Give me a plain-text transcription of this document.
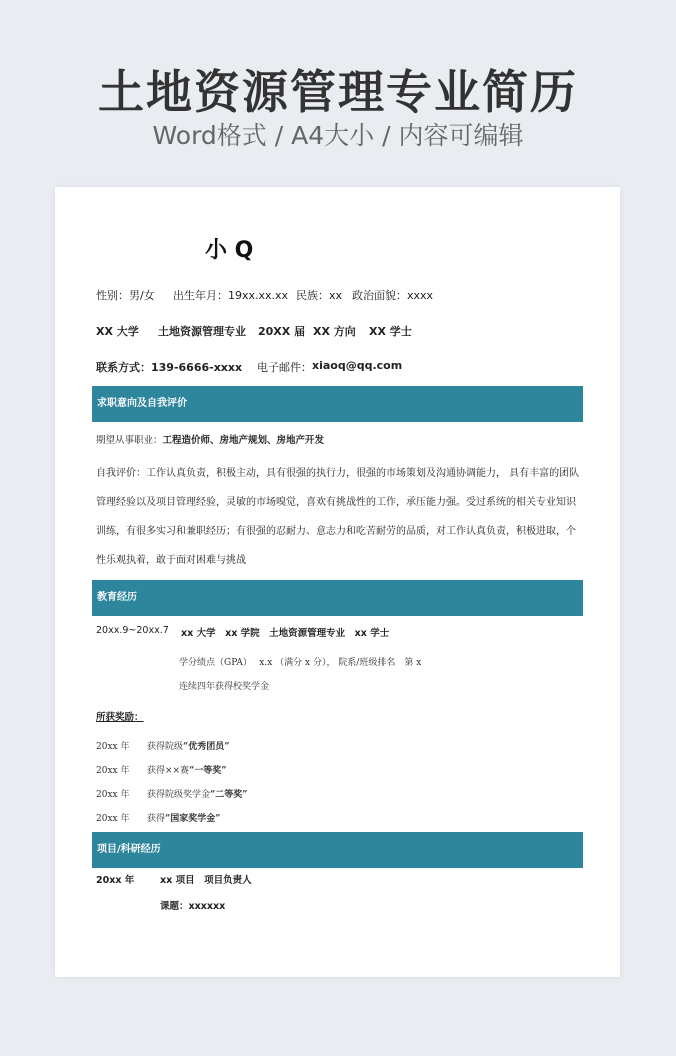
土地资源管理专业简历
Word格式 / A4大小 / 内容可编辑
小 Q
性别：男/女 出生年月：19xx.xx.xx 民族：xx 政治面貌：xxxx
XX 大学 土地资源管理专业 20XX 届 XX 方向 XX 学士
联系方式：139-6666-xxxx 电子邮件： xiaoq@qq.com
求职意向及自我评价
期望从事职业：工程造价师、房地产规划、房地产开发
自我评价：工作认真负责，积极主动，具有很强的执行力，很强的市场策划及沟通协调能力， 具有丰富的团队管理经验以及项目管理经验，灵敏的市场嗅觉，喜欢有挑战性的工作，承压能力强。受过系统的相关专业知识训练，有很多实习和兼职经历；有很强的忍耐力、意志力和吃苦耐劳的品质，对工作认真负责，积极进取，个性乐观执着，敢于面对困难与挑战
教育经历
20xx.9~20xx.7 xx 大学　xx 学院　土地资源管理专业　xx 学士
学分绩点（GPA）　 x.x （满分 x 分）， 院系/班级排名　第 x
连续四年获得校奖学金
所获奖励：
20xx 年 获得院级“优秀团员”
20xx 年 获得××赛“一等奖”
20xx 年 获得院级奖学金“二等奖”
20xx 年 获得“国家奖学金”
项目/科研经历
20xx 年	xx 项目　项目负责人
课题：xxxxxx
